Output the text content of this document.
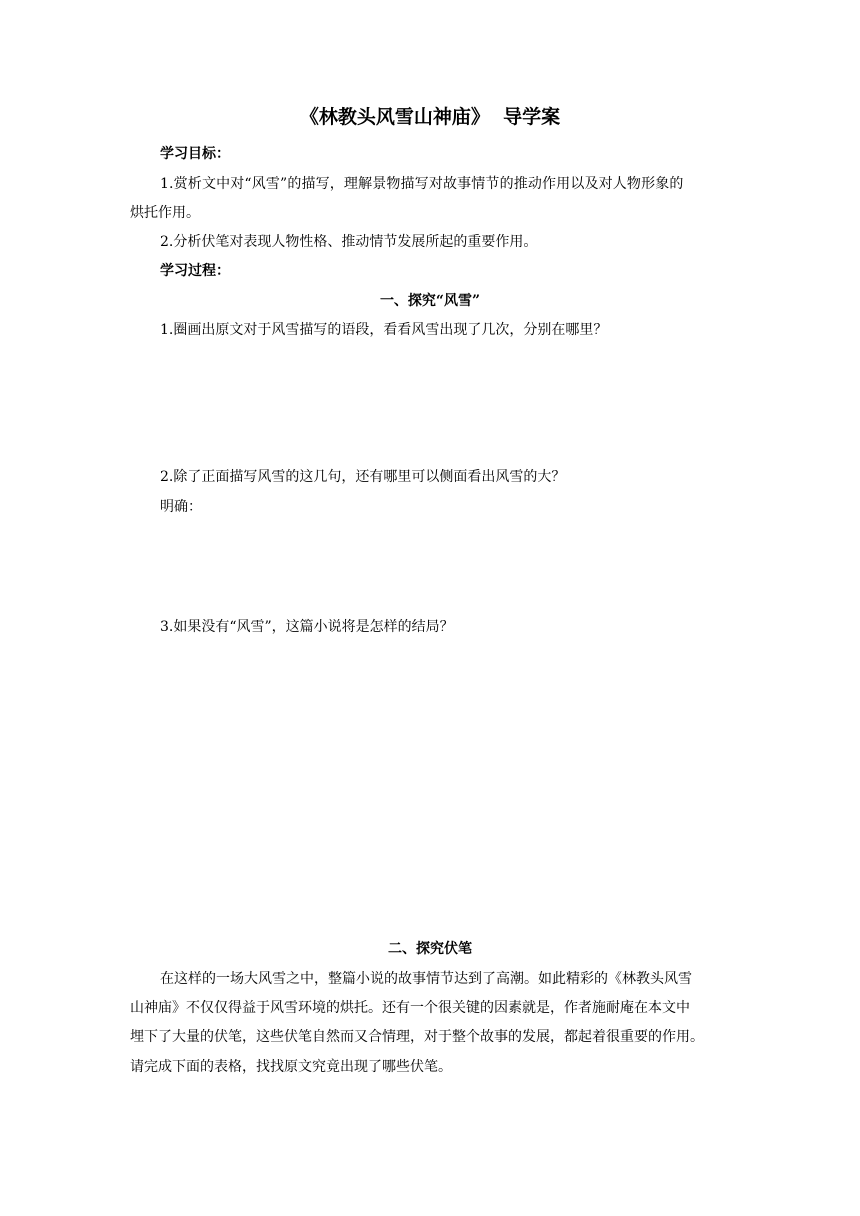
《林教头风雪山神庙》  导学案
学习目标：
1.赏析文中对“风雪”的描写，理解景物描写对故事情节的推动作用以及对人物形象的
烘托作用。
2.分析伏笔对表现人物性格、推动情节发展所起的重要作用。
学习过程：
一、探究“风雪”
1.圈画出原文对于风雪描写的语段，看看风雪出现了几次，分别在哪里？
2.除了正面描写风雪的这几句，还有哪里可以侧面看出风雪的大？
明确：
3.如果没有“风雪”，这篇小说将是怎样的结局？
二、探究伏笔
在这样的一场大风雪之中，整篇小说的故事情节达到了高潮。如此精彩的《林教头风雪
山神庙》不仅仅得益于风雪环境的烘托。还有一个很关键的因素就是，作者施耐庵在本文中
埋下了大量的伏笔，这些伏笔自然而又合情理，对于整个故事的发展，都起着很重要的作用。
请完成下面的表格，找找原文究竟出现了哪些伏笔。
